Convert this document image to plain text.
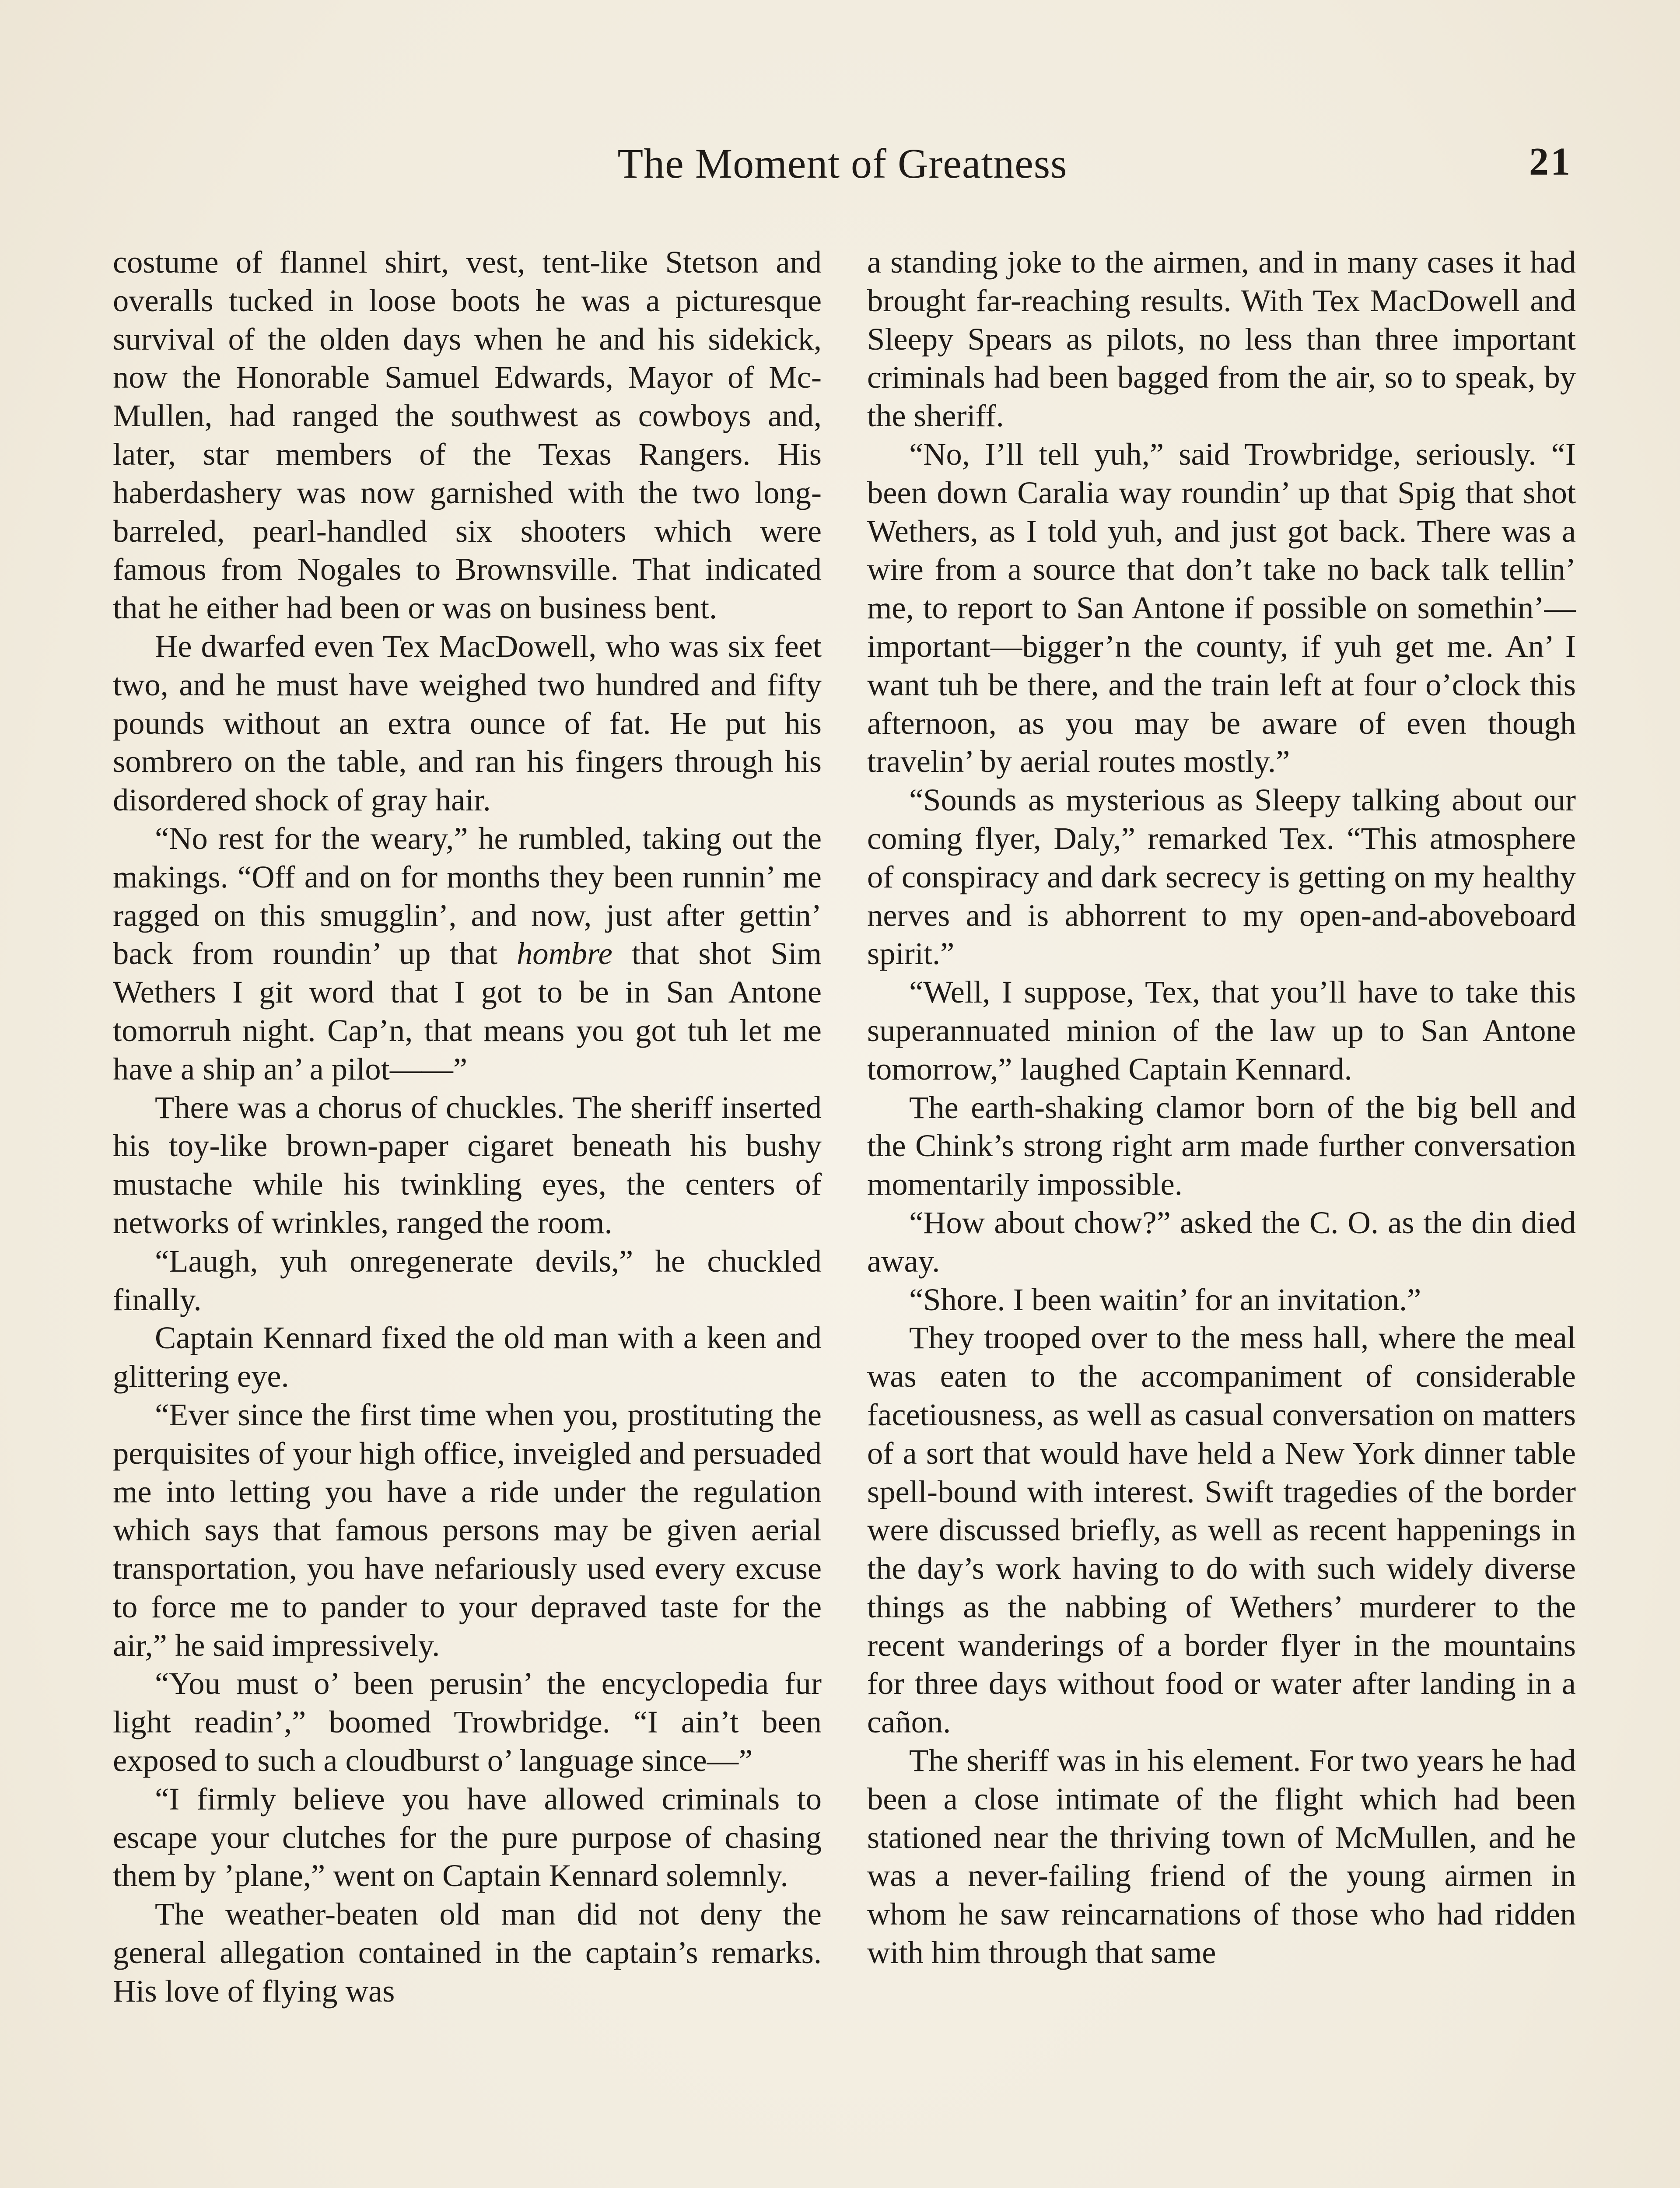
The Moment of Greatness	21

costume of flannel shirt, vest, tent-like Stetson and overalls tucked in loose boots he was a picturesque survival of the olden days when he and his sidekick, now the Honorable Samuel Edwards, Mayor of McMullen, had ranged the southwest as cowboys and, later, star members of the Texas Rangers. His haberdashery was now garnished with the two long-barreled, pearl-handled six shooters which were famous from Nogales to Brownsville. That indicated that he either had been or was on business bent.

He dwarfed even Tex MacDowell, who was six feet two, and he must have weighed two hundred and fifty pounds without an extra ounce of fat. He put his sombrero on the table, and ran his fingers through his disordered shock of gray hair.

“No rest for the weary,” he rumbled, taking out the makings. “Off and on for months they been runnin’ me ragged on this smugglin’, and now, just after gettin’ back from roundin’ up that hombre that shot Sim Wethers I git word that I got to be in San Antone tomorruh night. Cap’n, that means you got tuh let me have a ship an’ a pilot——”

There was a chorus of chuckles. The sheriff inserted his toy-like brown-paper cigaret beneath his bushy mustache while his twinkling eyes, the centers of networks of wrinkles, ranged the room.

“Laugh, yuh onregenerate devils,” he chuckled finally.

Captain Kennard fixed the old man with a keen and glittering eye.

“Ever since the first time when you, prostituting the perquisites of your high office, inveigled and persuaded me into letting you have a ride under the regulation which says that famous persons may be given aerial transportation, you have nefariously used every excuse to force me to pander to your depraved taste for the air,” he said impressively.

“You must o’ been perusin’ the encyclopedia fur light readin’,” boomed Trowbridge. “I ain’t been exposed to such a cloudburst o’ language since—”

“I firmly believe you have allowed criminals to escape your clutches for the pure purpose of chasing them by ’plane,” went on Captain Kennard solemnly.

The weather-beaten old man did not deny the general allegation contained in the captain’s remarks. His love of flying was

a standing joke to the airmen, and in many cases it had brought far-reaching results. With Tex MacDowell and Sleepy Spears as pilots, no less than three important criminals had been bagged from the air, so to speak, by the sheriff.

“No, I’ll tell yuh,” said Trowbridge, seriously. “I been down Caralia way roundin’ up that Spig that shot Wethers, as I told yuh, and just got back. There was a wire from a source that don’t take no back talk tellin’ me, to report to San Antone if possible on somethin’—important—bigger’n the county, if yuh get me. An’ I want tuh be there, and the train left at four o’clock this afternoon, as you may be aware of even though travelin’ by aerial routes mostly.”

“Sounds as mysterious as Sleepy talking about our coming flyer, Daly,” remarked Tex. “This atmosphere of conspiracy and dark secrecy is getting on my healthy nerves and is abhorrent to my open-and-aboveboard spirit.”

“Well, I suppose, Tex, that you’ll have to take this superannuated minion of the law up to San Antone tomorrow,” laughed Captain Kennard.

The earth-shaking clamor born of the big bell and the Chink’s strong right arm made further conversation momentarily impossible.

“How about chow?” asked the C. O. as the din died away.

“Shore. I been waitin’ for an invitation.”

They trooped over to the mess hall, where the meal was eaten to the accompaniment of considerable facetiousness, as well as casual conversation on matters of a sort that would have held a New York dinner table spell-bound with interest. Swift tragedies of the border were discussed briefly, as well as recent happenings in the day’s work having to do with such widely diverse things as the nabbing of Wethers’ murderer to the recent wanderings of a border flyer in the mountains for three days without food or water after landing in a cañon.

The sheriff was in his element. For two years he had been a close intimate of the flight which had been stationed near the thriving town of McMullen, and he was a never-failing friend of the young airmen in whom he saw reincarnations of those who had ridden with him through that same
